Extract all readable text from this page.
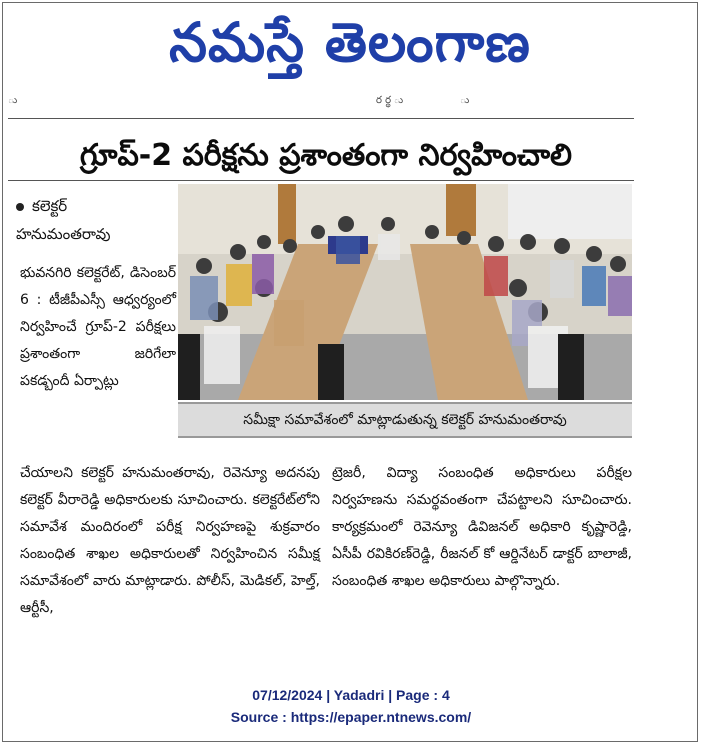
నమస్తే తెలంగాణ
ు	ర ర్థ ు	ు
గ్రూప్-2 పరీక్షను ప్రశాంతంగా నిర్వహించాలి
కలెక్టర్
హనుమంతరావు

భువనగిరి కలెక్టరేట్, డిసెంబర్ 6 : టీజీపీఎస్సీ ఆధ్వర్యంలో నిర్వహించే గ్రూప్-2 పరీక్షలు ప్రశాంతంగా జరిగేలా పకడ్బందీ ఏర్పాట్లు

సమీక్షా సమావేశంలో మాట్లాడుతున్న కలెక్టర్ హనుమంతరావు

చేయాలని కలెక్టర్ హనుమంతరావు, రెవెన్యూ అదనపు కలెక్టర్ వీరారెడ్డి అధికారులకు సూచించారు. కలెక్టరేట్‌లోని సమావేశ మందిరంలో పరీక్ష నిర్వహణపై శుక్రవారం సంబంధిత శాఖల అధికారులతో నిర్వహించిన సమీక్ష సమావేశంలో వారు మాట్లాడారు. పోలీస్, మెడికల్, హెల్త్, ఆర్టీసీ,

ట్రెజరీ, విద్యా సంబంధిత అధికారులు పరీక్షల నిర్వహణను సమర్థవంతంగా చేపట్టాలని సూచించారు. కార్యక్రమంలో రెవెన్యూ డివిజనల్ అధికారి కృష్ణారెడ్డి, ఏసీపీ రవికిరణ్‌రెడ్డి, రీజనల్ కో ఆర్డినేటర్ డాక్టర్ బాలాజీ, సంబంధిత శాఖల అధికారులు పాల్గొన్నారు.

07/12/2024 | Yadadri | Page : 4
Source : https://epaper.ntnews.com/
